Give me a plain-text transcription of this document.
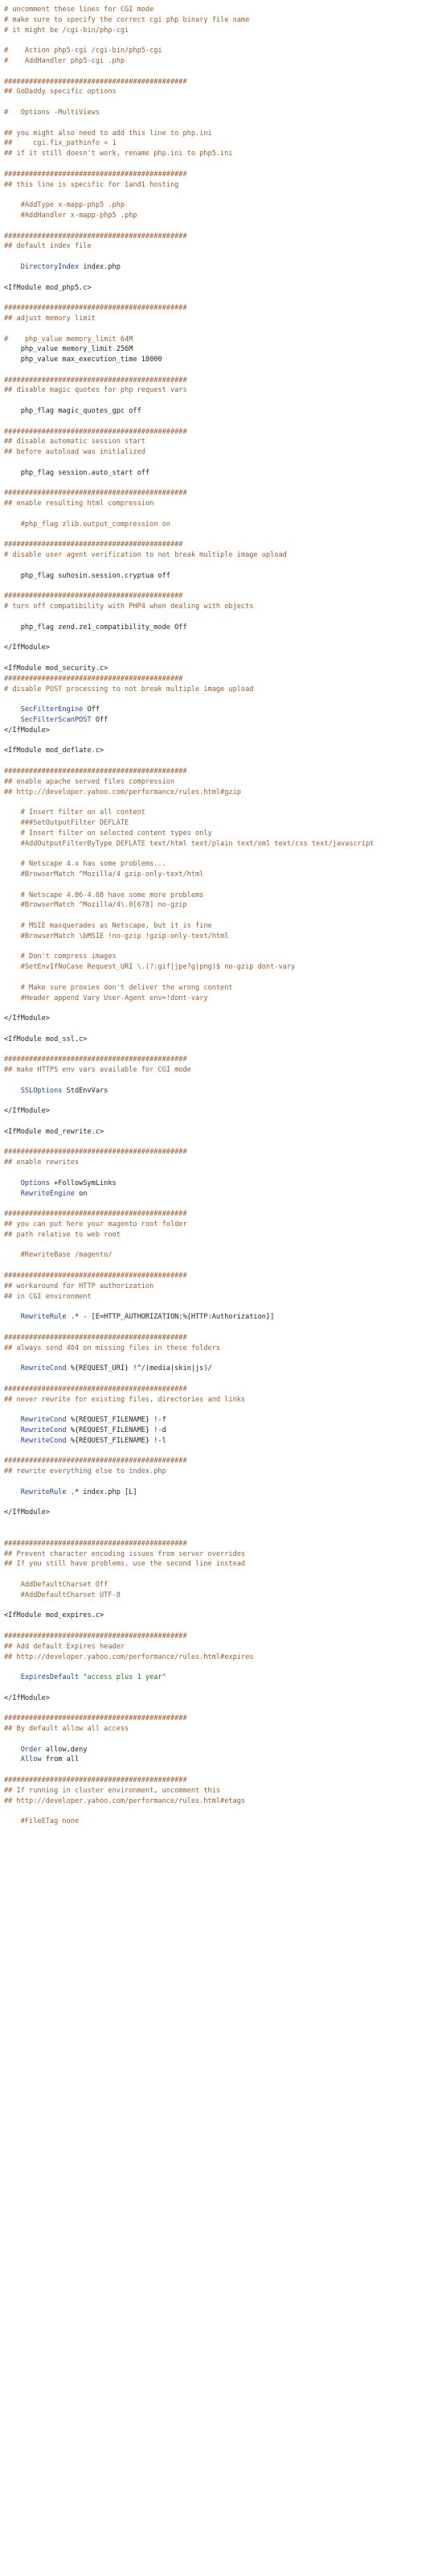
# uncomment these lines for CGI mode
# make sure to specify the correct cgi php binary file name
# it might be /cgi-bin/php-cgi
#    Action php5-cgi /cgi-bin/php5-cgi
#    AddHandler php5-cgi .php
############################################
## GoDaddy specific options
#   Options -MultiViews
## you might also need to add this line to php.ini
##     cgi.fix_pathinfo = 1
## if it still doesn't work, rename php.ini to php5.ini
############################################
## this line is specific for 1and1 hosting
#AddType x-mapp-php5 .php
#AddHandler x-mapp-php5 .php
############################################
## default index file
DirectoryIndex index.php
<IfModule mod_php5.c>
############################################
## adjust memory limit
#    php_value memory_limit 64M
php_value memory_limit 256M
php_value max_execution_time 18000
############################################
## disable magic quotes for php request vars
php_flag magic_quotes_gpc off
############################################
## disable automatic session start
## before autoload was initialized
php_flag session.auto_start off
############################################
## enable resulting html compression
#php_flag zlib.output_compression on
###########################################
# disable user agent verification to not break multiple image upload
php_flag suhosin.session.cryptua off
###########################################
# turn off compatibility with PHP4 when dealing with objects
php_flag zend.ze1_compatibility_mode Off
</IfModule>
<IfModule mod_security.c>
###########################################
# disable POST processing to not break multiple image upload
SecFilterEngine Off
SecFilterScanPOST Off
</IfModule>
<IfModule mod_deflate.c>
############################################
## enable apache served files compression
## http://developer.yahoo.com/performance/rules.html#gzip
# Insert filter on all content
###SetOutputFilter DEFLATE
# Insert filter on selected content types only
#AddOutputFilterByType DEFLATE text/html text/plain text/xml text/css text/javascript
# Netscape 4.x has some problems...
#BrowserMatch ^Mozilla/4 gzip-only-text/html
# Netscape 4.06-4.08 have some more problems
#BrowserMatch ^Mozilla/4\.0[678] no-gzip
# MSIE masquerades as Netscape, but it is fine
#BrowserMatch \bMSIE !no-gzip !gzip-only-text/html
# Don't compress images
#SetEnvIfNoCase Request_URI \.(?:gif|jpe?g|png)$ no-gzip dont-vary
# Make sure proxies don't deliver the wrong content
#Header append Vary User-Agent env=!dont-vary
</IfModule>
<IfModule mod_ssl.c>
############################################
## make HTTPS env vars available for CGI mode
SSLOptions StdEnvVars
</IfModule>
<IfModule mod_rewrite.c>
############################################
## enable rewrites
Options +FollowSymLinks
RewriteEngine on
############################################
## you can put here your magento root folder
## path relative to web root
#RewriteBase /magento/
############################################
## workaround for HTTP authorization
## in CGI environment
RewriteRule .* - [E=HTTP_AUTHORIZATION:%{HTTP:Authorization}]
############################################
## always send 404 on missing files in these folders
RewriteCond %{REQUEST_URI} !^/(media|skin|js)/
############################################
## never rewrite for existing files, directories and links
RewriteCond %{REQUEST_FILENAME} !-f
RewriteCond %{REQUEST_FILENAME} !-d
RewriteCond %{REQUEST_FILENAME} !-l
############################################
## rewrite everything else to index.php
RewriteRule .* index.php [L]
</IfModule>
############################################
## Prevent character encoding issues from server overrides
## If you still have problems, use the second line instead
AddDefaultCharset Off
#AddDefaultCharset UTF-8
<IfModule mod_expires.c>
############################################
## Add default Expires header
## http://developer.yahoo.com/performance/rules.html#expires
ExpiresDefault "access plus 1 year"
</IfModule>
############################################
## By default allow all access
Order allow,deny
Allow from all
############################################
## If running in cluster environment, uncomment this
## http://developer.yahoo.com/performance/rules.html#etags
#FileETag none
